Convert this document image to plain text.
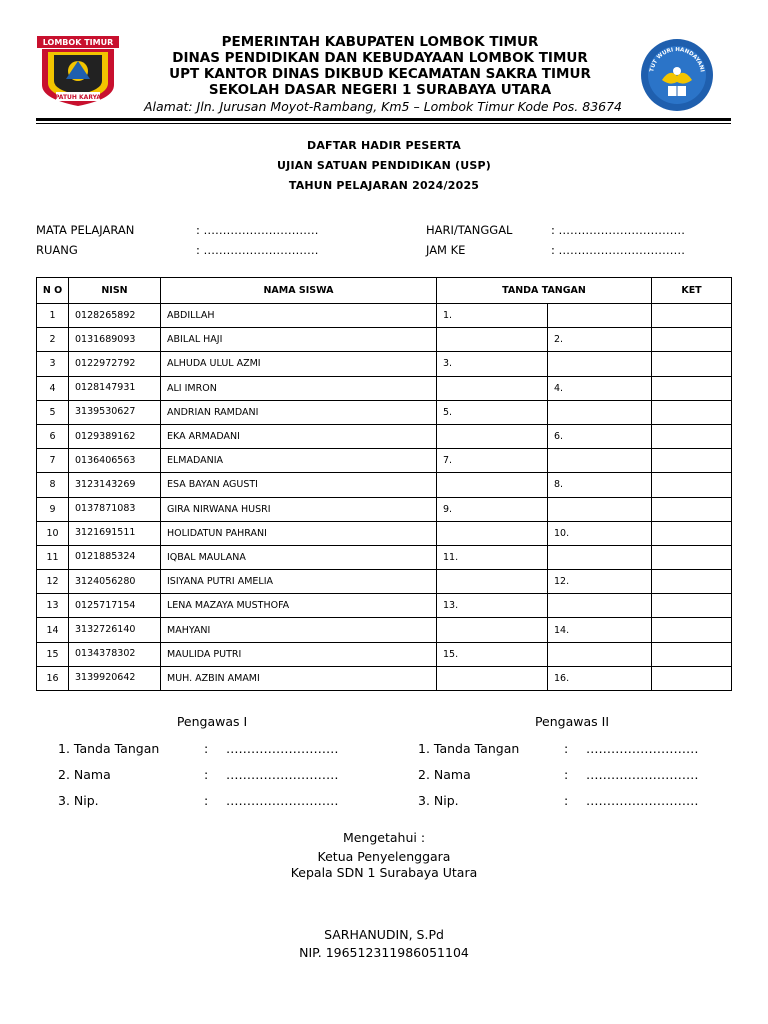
LOMBOK TIMUR
PATUH KARYA
TUT WURI HANDAYANI
PEMERINTAH KABUPATEN LOMBOK TIMUR
DINAS PENDIDIKAN DAN KEBUDAYAAN LOMBOK TIMUR
UPT KANTOR DINAS DIKBUD KECAMATAN SAKRA TIMUR
SEKOLAH DASAR NEGERI 1 SURABAYA UTARA
Alamat: Jln. Jurusan Moyot-Rambang, Km5 – Lombok Timur Kode Pos. 83674
DAFTAR HADIR PESERTA
UJIAN SATUAN PENDIDIKAN (USP)
TAHUN PELAJARAN 2024/2025
MATA PELAJARAN	: …………………………
RUANG	: …………………………
HARI/TANGGAL	: ……………………………
JAM KE	: ……………………………
N O	NISN	NAMA SISWA	TANDA TANGAN		KET
1	0128265892	ABDILLAH	1.		
2	0131689093	ABILAL HAJI		2.	
3	0122972792	ALHUDA ULUL AZMI	3.		
4	0128147931	ALI IMRON		4.	
5	3139530627	ANDRIAN RAMDANI	5.		
6	0129389162	EKA ARMADANI		6.	
7	0136406563	ELMADANIA	7.		
8	3123143269	ESA BAYAN AGUSTI		8.	
9	0137871083	GIRA NIRWANA HUSRI	9.		
10	3121691511	HOLIDATUN PAHRANI		10.	
11	0121885324	IQBAL MAULANA	11.		
12	3124056280	ISIYANA PUTRI AMELIA		12.	
13	0125717154	LENA MAZAYA MUSTHOFA	13.		
14	3132726140	MAHYANI		14.	
15	0134378302	MAULIDA PUTRI	15.		
16	3139920642	MUH. AZBIN AMAMI		16.	
Pengawas I	Pengawas II
1. Tanda Tangan	: ………………………
2. Nama	: ………………………
3. Nip.	: ………………………
1. Tanda Tangan	: ………………………
2. Nama	: ………………………
3. Nip.	: ………………………
Mengetahui :
Ketua Penyelenggara
Kepala SDN 1 Surabaya Utara
SARHANUDIN, S.Pd
NIP. 196512311986051104
